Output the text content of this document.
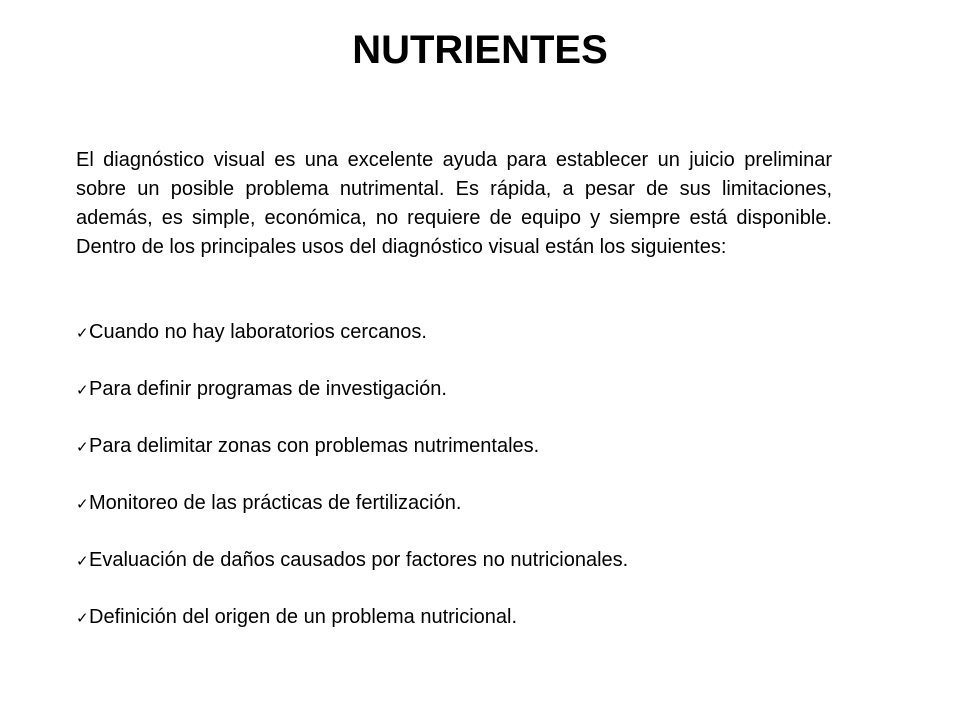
NUTRIENTES

El diagnóstico visual es una excelente ayuda para establecer un juicio preliminar sobre un posible problema nutrimental. Es rápida, a pesar de sus limitaciones, además, es simple, económica, no requiere de equipo y siempre está disponible. Dentro de los principales usos del diagnóstico visual están los siguientes:

✓ Cuando no hay laboratorios cercanos.
✓ Para definir programas de investigación.
✓ Para delimitar zonas con problemas nutrimentales.
✓ Monitoreo de las prácticas de fertilización.
✓ Evaluación de daños causados por factores no nutricionales.
✓ Definición del origen de un problema nutricional.
